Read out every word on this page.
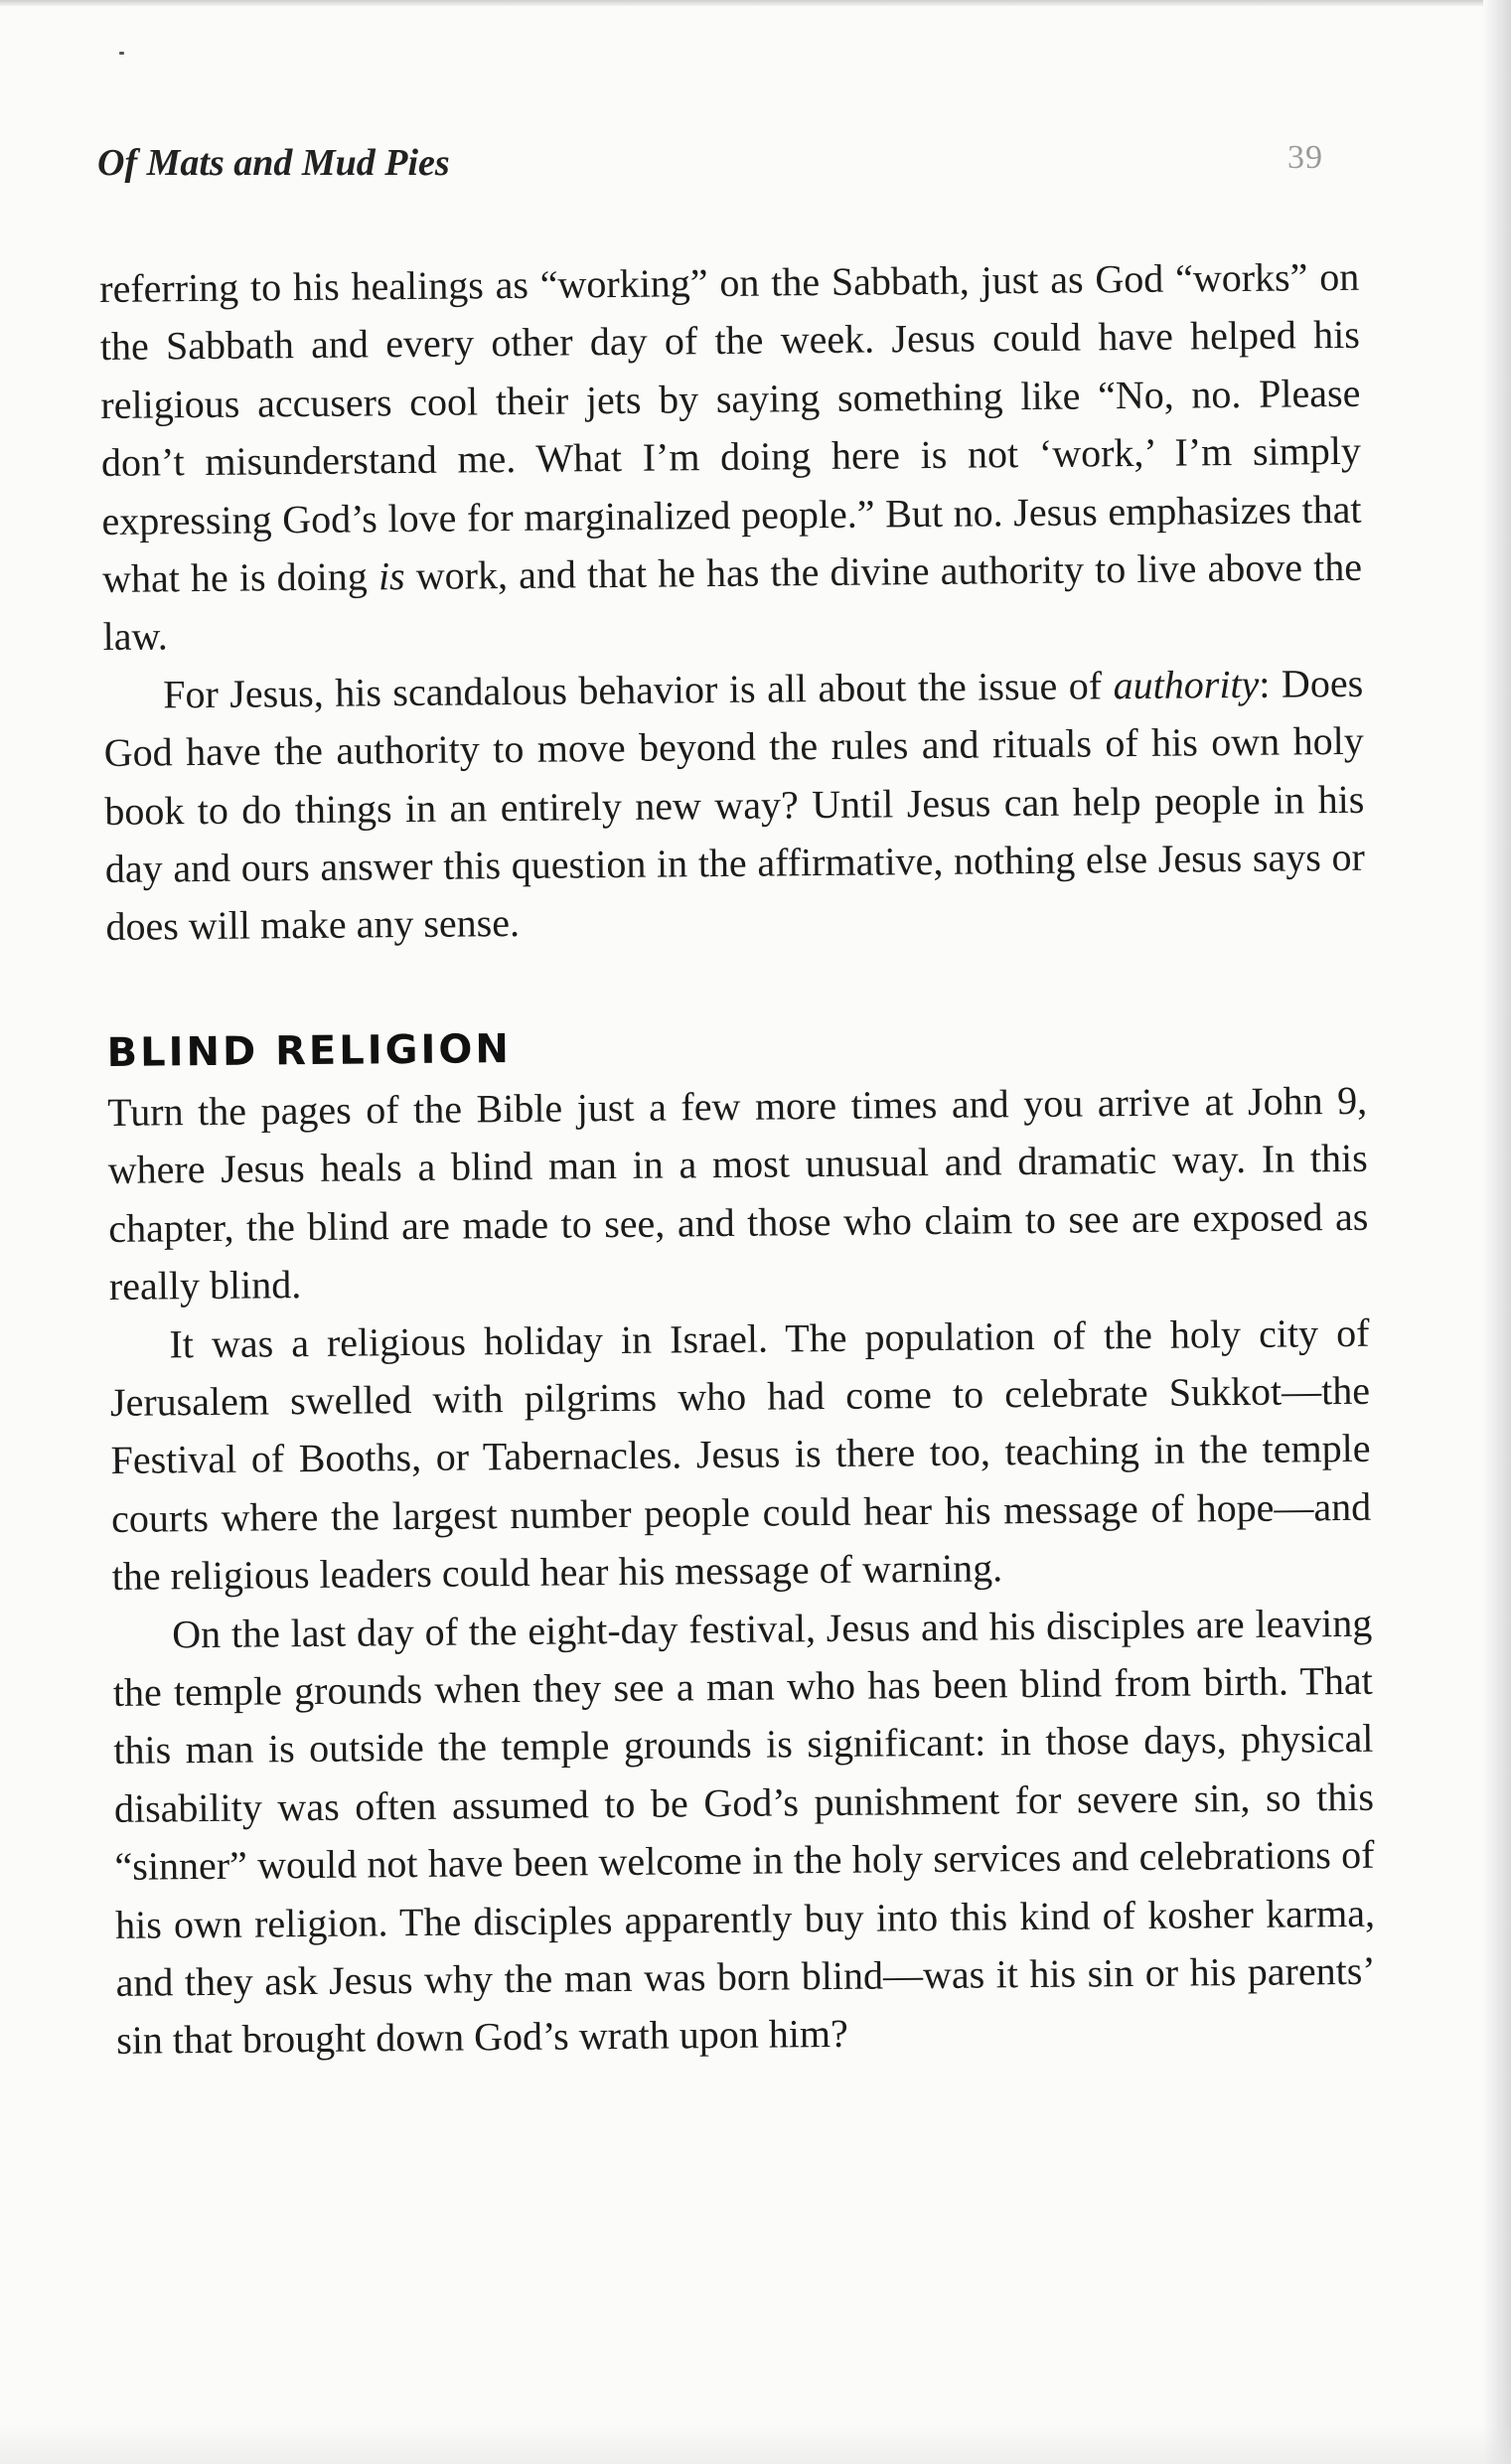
Of Mats and Mud Pies	39

referring to his healings as “working” on the Sabbath, just as God “works” on the Sabbath and every other day of the week. Jesus could have helped his religious accusers cool their jets by saying something like “No, no. Please don’t misunderstand me. What I’m doing here is not ‘work,’ I’m simply expressing God’s love for marginalized people.” But no. Jesus emphasizes that what he is doing is work, and that he has the divine authority to live above the law.

For Jesus, his scandalous behavior is all about the issue of authority: Does God have the authority to move beyond the rules and rituals of his own holy book to do things in an entirely new way? Until Jesus can help people in his day and ours answer this question in the affirmative, nothing else Jesus says or does will make any sense.

BLIND RELIGION

Turn the pages of the Bible just a few more times and you arrive at John 9, where Jesus heals a blind man in a most unusual and dramatic way. In this chapter, the blind are made to see, and those who claim to see are exposed as really blind.

It was a religious holiday in Israel. The population of the holy city of Jerusalem swelled with pilgrims who had come to celebrate Sukkot—the Festival of Booths, or Tabernacles. Jesus is there too, teaching in the temple courts where the largest number people could hear his message of hope—and the religious leaders could hear his message of warning.

On the last day of the eight-day festival, Jesus and his disciples are leaving the temple grounds when they see a man who has been blind from birth. That this man is outside the temple grounds is significant: in those days, physical disability was often assumed to be God’s punishment for severe sin, so this “sinner” would not have been welcome in the holy services and celebrations of his own religion. The disciples apparently buy into this kind of kosher karma, and they ask Jesus why the man was born blind—was it his sin or his parents’ sin that brought down God’s wrath upon him?
